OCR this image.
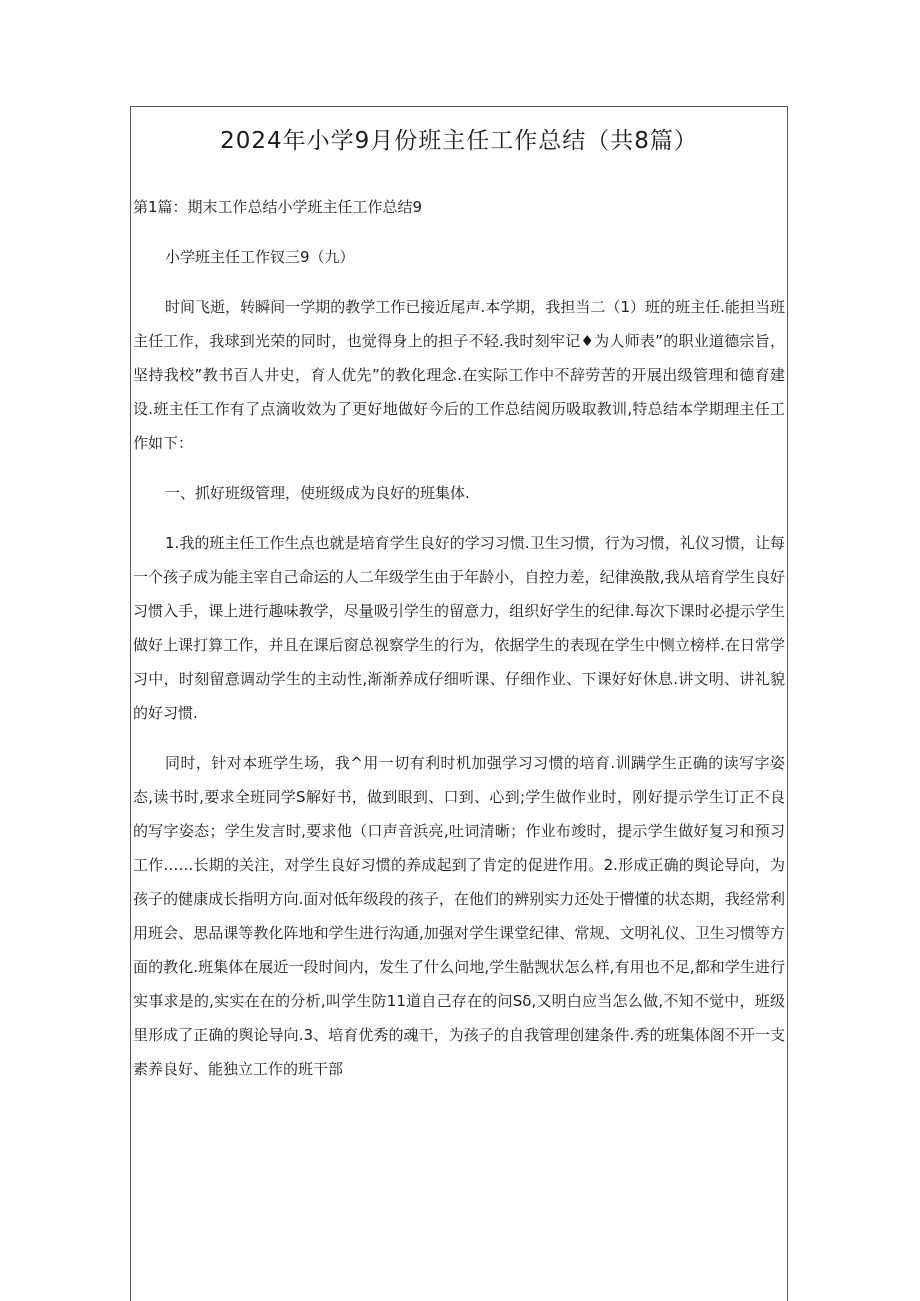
2024年小学9月份班主任工作总结（共8篇）
第1篇：期末工作总结小学班主任工作总结9
小学班主任工作钗三9（九）
时间飞逝，转瞬间一学期的教学工作已接近尾声.本学期，我担当二（1）班的班主任.能担当班主任工作，我球到光荣的同时，也觉得身上的担子不轻.我时刻牢记♦为人师表”的职业道德宗旨，坚持我校”教书百人井史，育人优先”的教化理念.在实际工作中不辞劳苦的开展出级管理和德育建设.班主任工作有了点滴收效为了更好地做好今后的工作总结阅历吸取教训,特总结本学期理主任工作如下：
一、抓好班级管理，使班级成为良好的班集体.
1.我的班主任工作生点也就是培育学生良好的学习习惯.卫生习惯，行为习惯，礼仪习惯，让每一个孩子成为能主宰自己命运的人二年级学生由于年龄小，自控力差，纪律涣散,我从培育学生良好习惯入手，课上进行趣味教学，尽量吸引学生的留意力，组织好学生的纪律.每次下课时必提示学生做好上课打算工作，并且在课后窗总视察学生的行为，依据学生的表现在学生中恻立榜样.在日常学习中，时刻留意调动学生的主动性,渐渐养成仔细听课、仔细作业、下课好好休息.讲文明、讲礼貌的好习惯.
同时，针对本班学生场，我^用一切有利时机加强学习习惯的培育.训蹒学生正确的读写字姿态,读书时,要求全班同学S解好书，做到眼到、口到、心到;学生做作业时，刚好提示学生订正不良的写字姿态；学生发言时,要求他（口声音浜亮,吐词清晰；作业布竣时，提示学生做好复习和预习工作……长期的关注，对学生良好习惯的养成起到了肯定的促进作用。2.形成正确的舆论导向，为孩子的健康成长指明方向.面对低年级段的孩子，在他们的辨别实力还处于懵懂的状态期，我经常利用班会、思品课等教化阵地和学生进行沟通,加强对学生课堂纪律、常规、文明礼仪、卫生习惯等方面的教化.班集体在展近一段时间内，发生了什么问地,学生骷觊状怎么样,有用也不足,都和学生进行实事求是的,实实在在的分析,叫学生防11道自己存在的问Sδ,又明白应当怎么做,不知不觉中，班级里形成了正确的舆论导向.3、培育优秀的魂干，为孩子的自我管理创建条件.秀的班集体阁不开一支素养良好、能独立工作的班干部
